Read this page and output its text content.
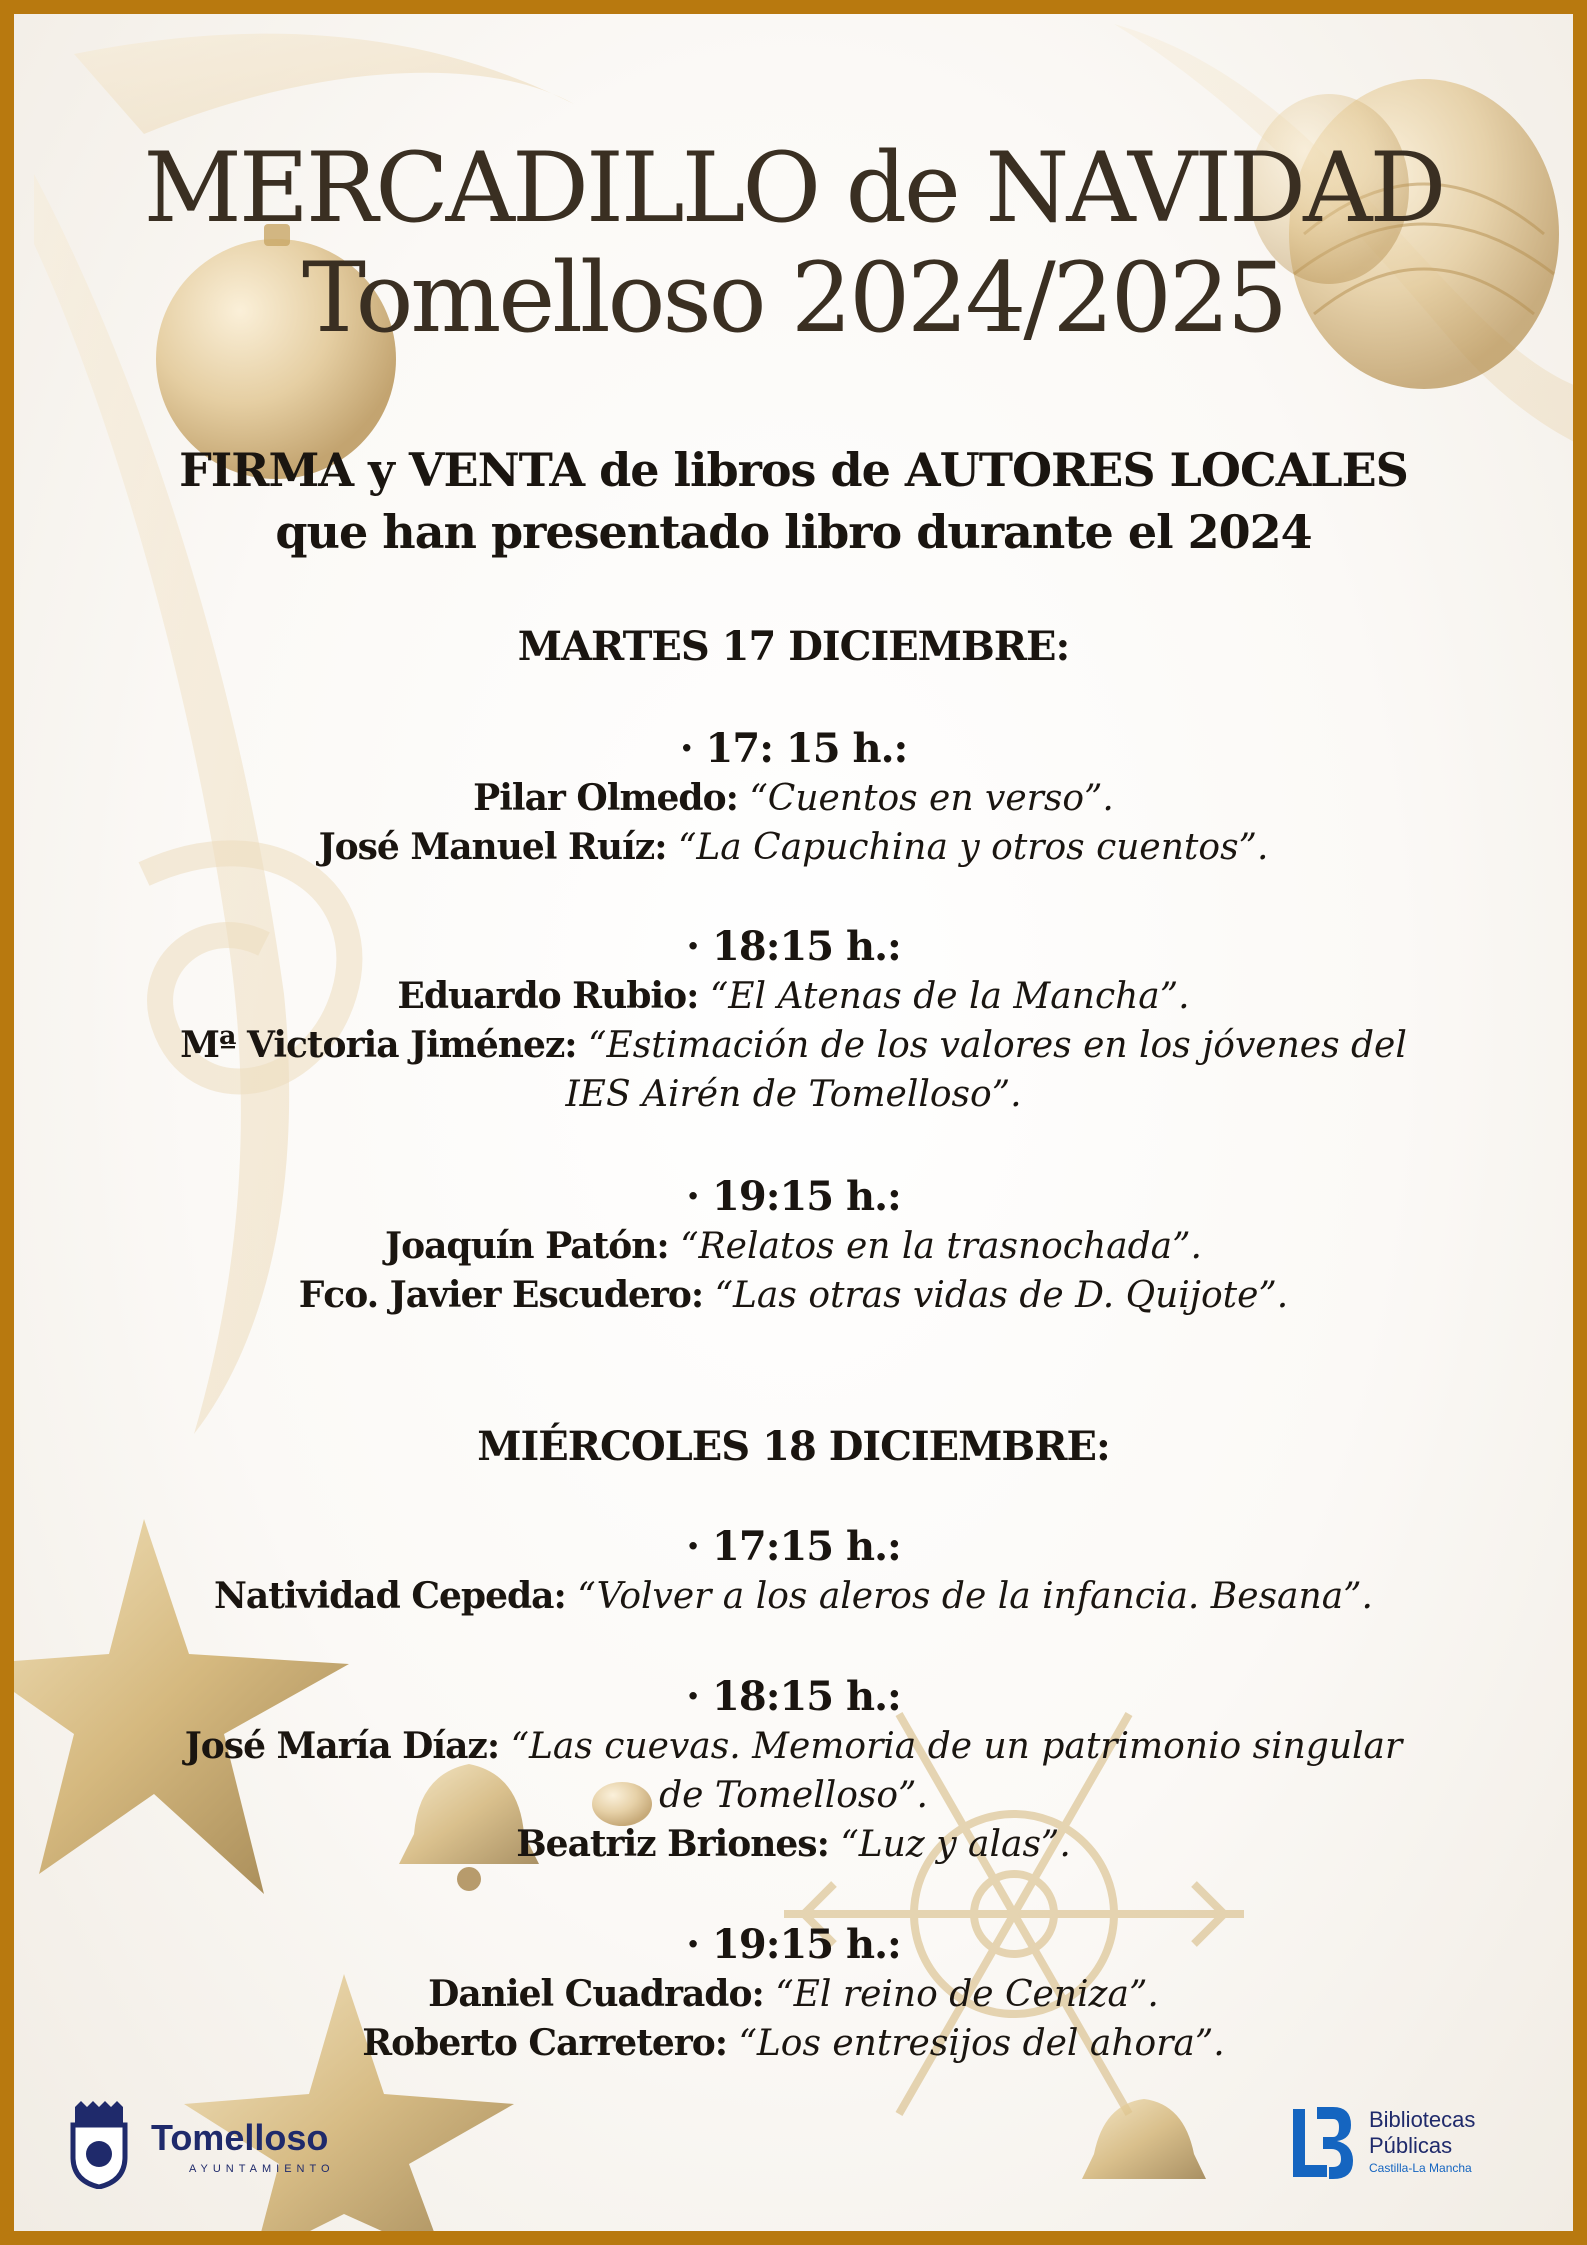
MERCADILLO de NAVIDAD
Tomelloso 2024/2025
FIRMA y VENTA de libros de AUTORES LOCALES
que han presentado libro durante el 2024
MARTES 17 DICIEMBRE:
· 17: 15 h.:
Pilar Olmedo: “Cuentos en verso”.
José Manuel Ruíz: “La Capuchina y otros cuentos”.
· 18:15 h.:
Eduardo Rubio: “El Atenas de la Mancha”.
Mª Victoria Jiménez: “Estimación de los valores en los jóvenes del IES Airén de Tomelloso”.
· 19:15 h.:
Joaquín Patón: “Relatos en la trasnochada”.
Fco. Javier Escudero: “Las otras vidas de D. Quijote”.
MIÉRCOLES 18 DICIEMBRE:
· 17:15 h.:
Natividad Cepeda: “Volver a los aleros de la infancia. Besana”.
· 18:15 h.:
José María Díaz: “Las cuevas. Memoria de un patrimonio singular de Tomelloso”.
Beatriz Briones: “Luz y alas”.
· 19:15 h.:
Daniel Cuadrado: “El reino de Ceniza”.
Roberto Carretero: “Los entresijos del ahora”.
Tomelloso
AYUNTAMIENTO
Bibliotecas
Públicas
Castilla-La Mancha
